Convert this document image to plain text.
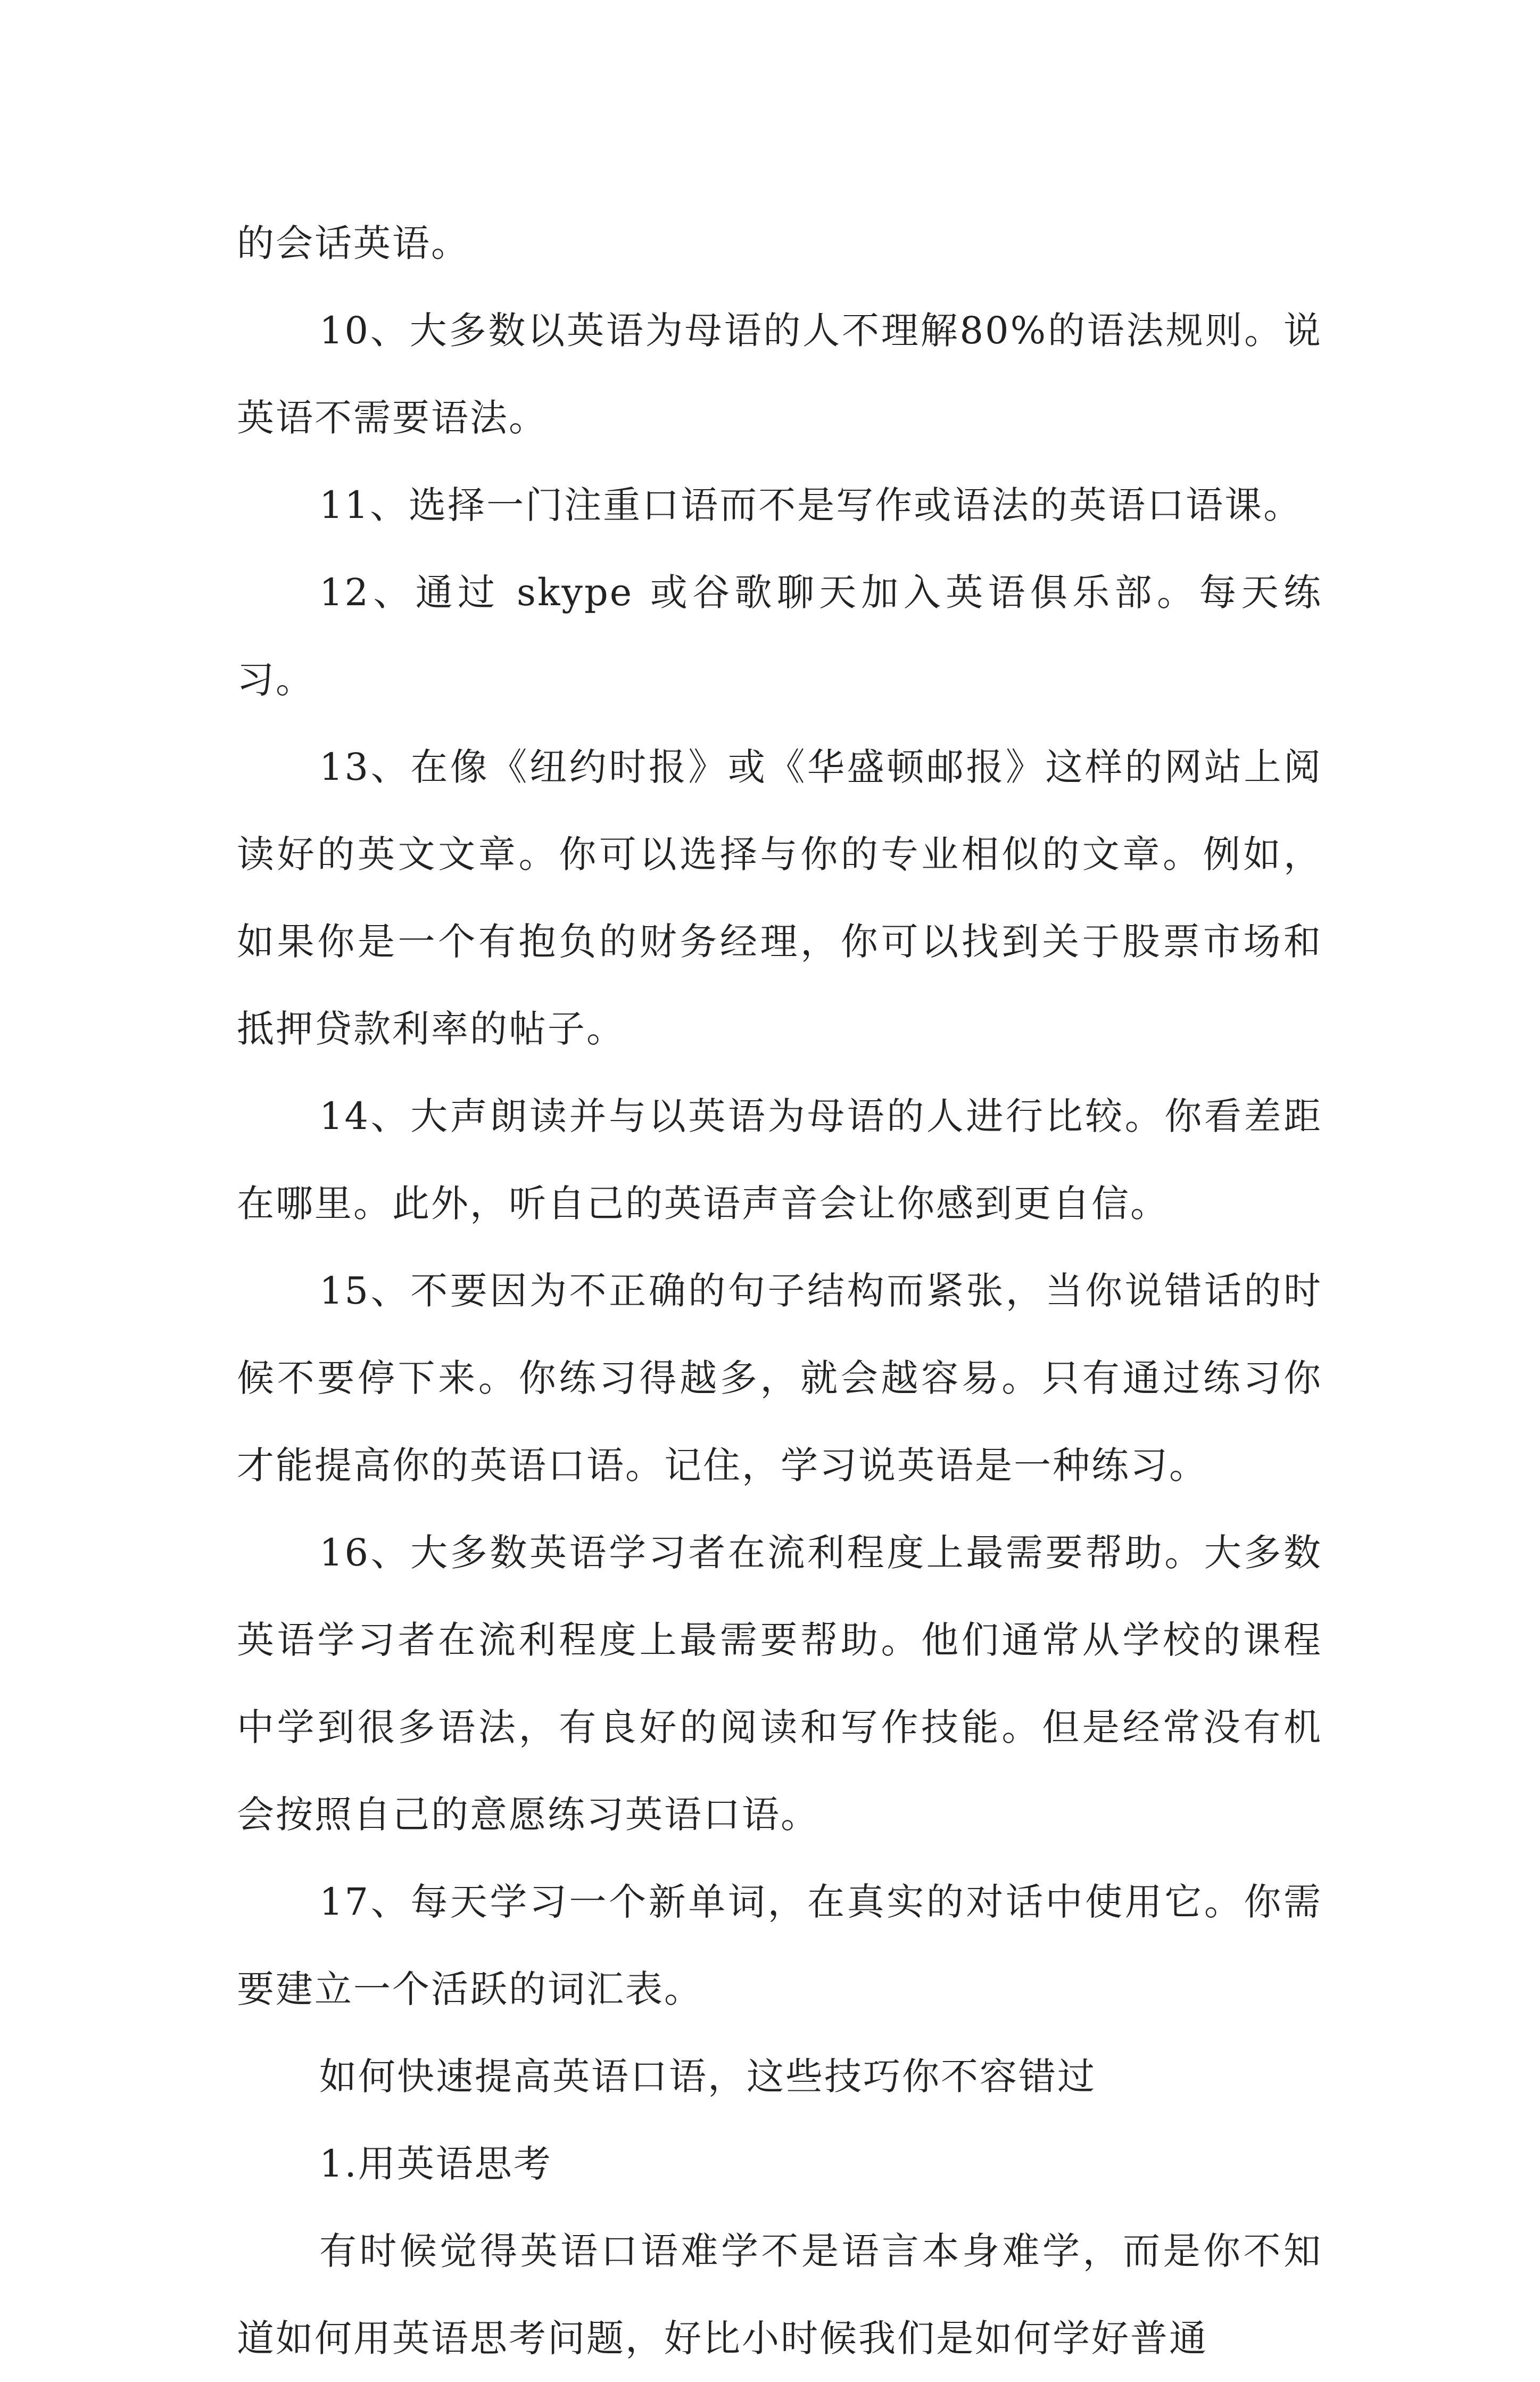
的会话英语。

10、大多数以英语为母语的人不理解80%的语法规则。说英语不需要语法。

11、选择一门注重口语而不是写作或语法的英语口语课。

12、通过 skype 或谷歌聊天加入英语俱乐部。每天练习。

13、在像《纽约时报》或《华盛顿邮报》这样的网站上阅读好的英文文章。你可以选择与你的专业相似的文章。例如，如果你是一个有抱负的财务经理，你可以找到关于股票市场和抵押贷款利率的帖子。

14、大声朗读并与以英语为母语的人进行比较。你看差距在哪里。此外，听自己的英语声音会让你感到更自信。

15、不要因为不正确的句子结构而紧张，当你说错话的时候不要停下来。你练习得越多，就会越容易。只有通过练习你才能提高你的英语口语。记住，学习说英语是一种练习。

16、大多数英语学习者在流利程度上最需要帮助。大多数英语学习者在流利程度上最需要帮助。他们通常从学校的课程中学到很多语法，有良好的阅读和写作技能。但是经常没有机会按照自己的意愿练习英语口语。

17、每天学习一个新单词，在真实的对话中使用它。你需要建立一个活跃的词汇表。

如何快速提高英语口语，这些技巧你不容错过

1.用英语思考

有时候觉得英语口语难学不是语言本身难学，而是你不知道如何用英语思考问题，好比小时候我们是如何学好普通
